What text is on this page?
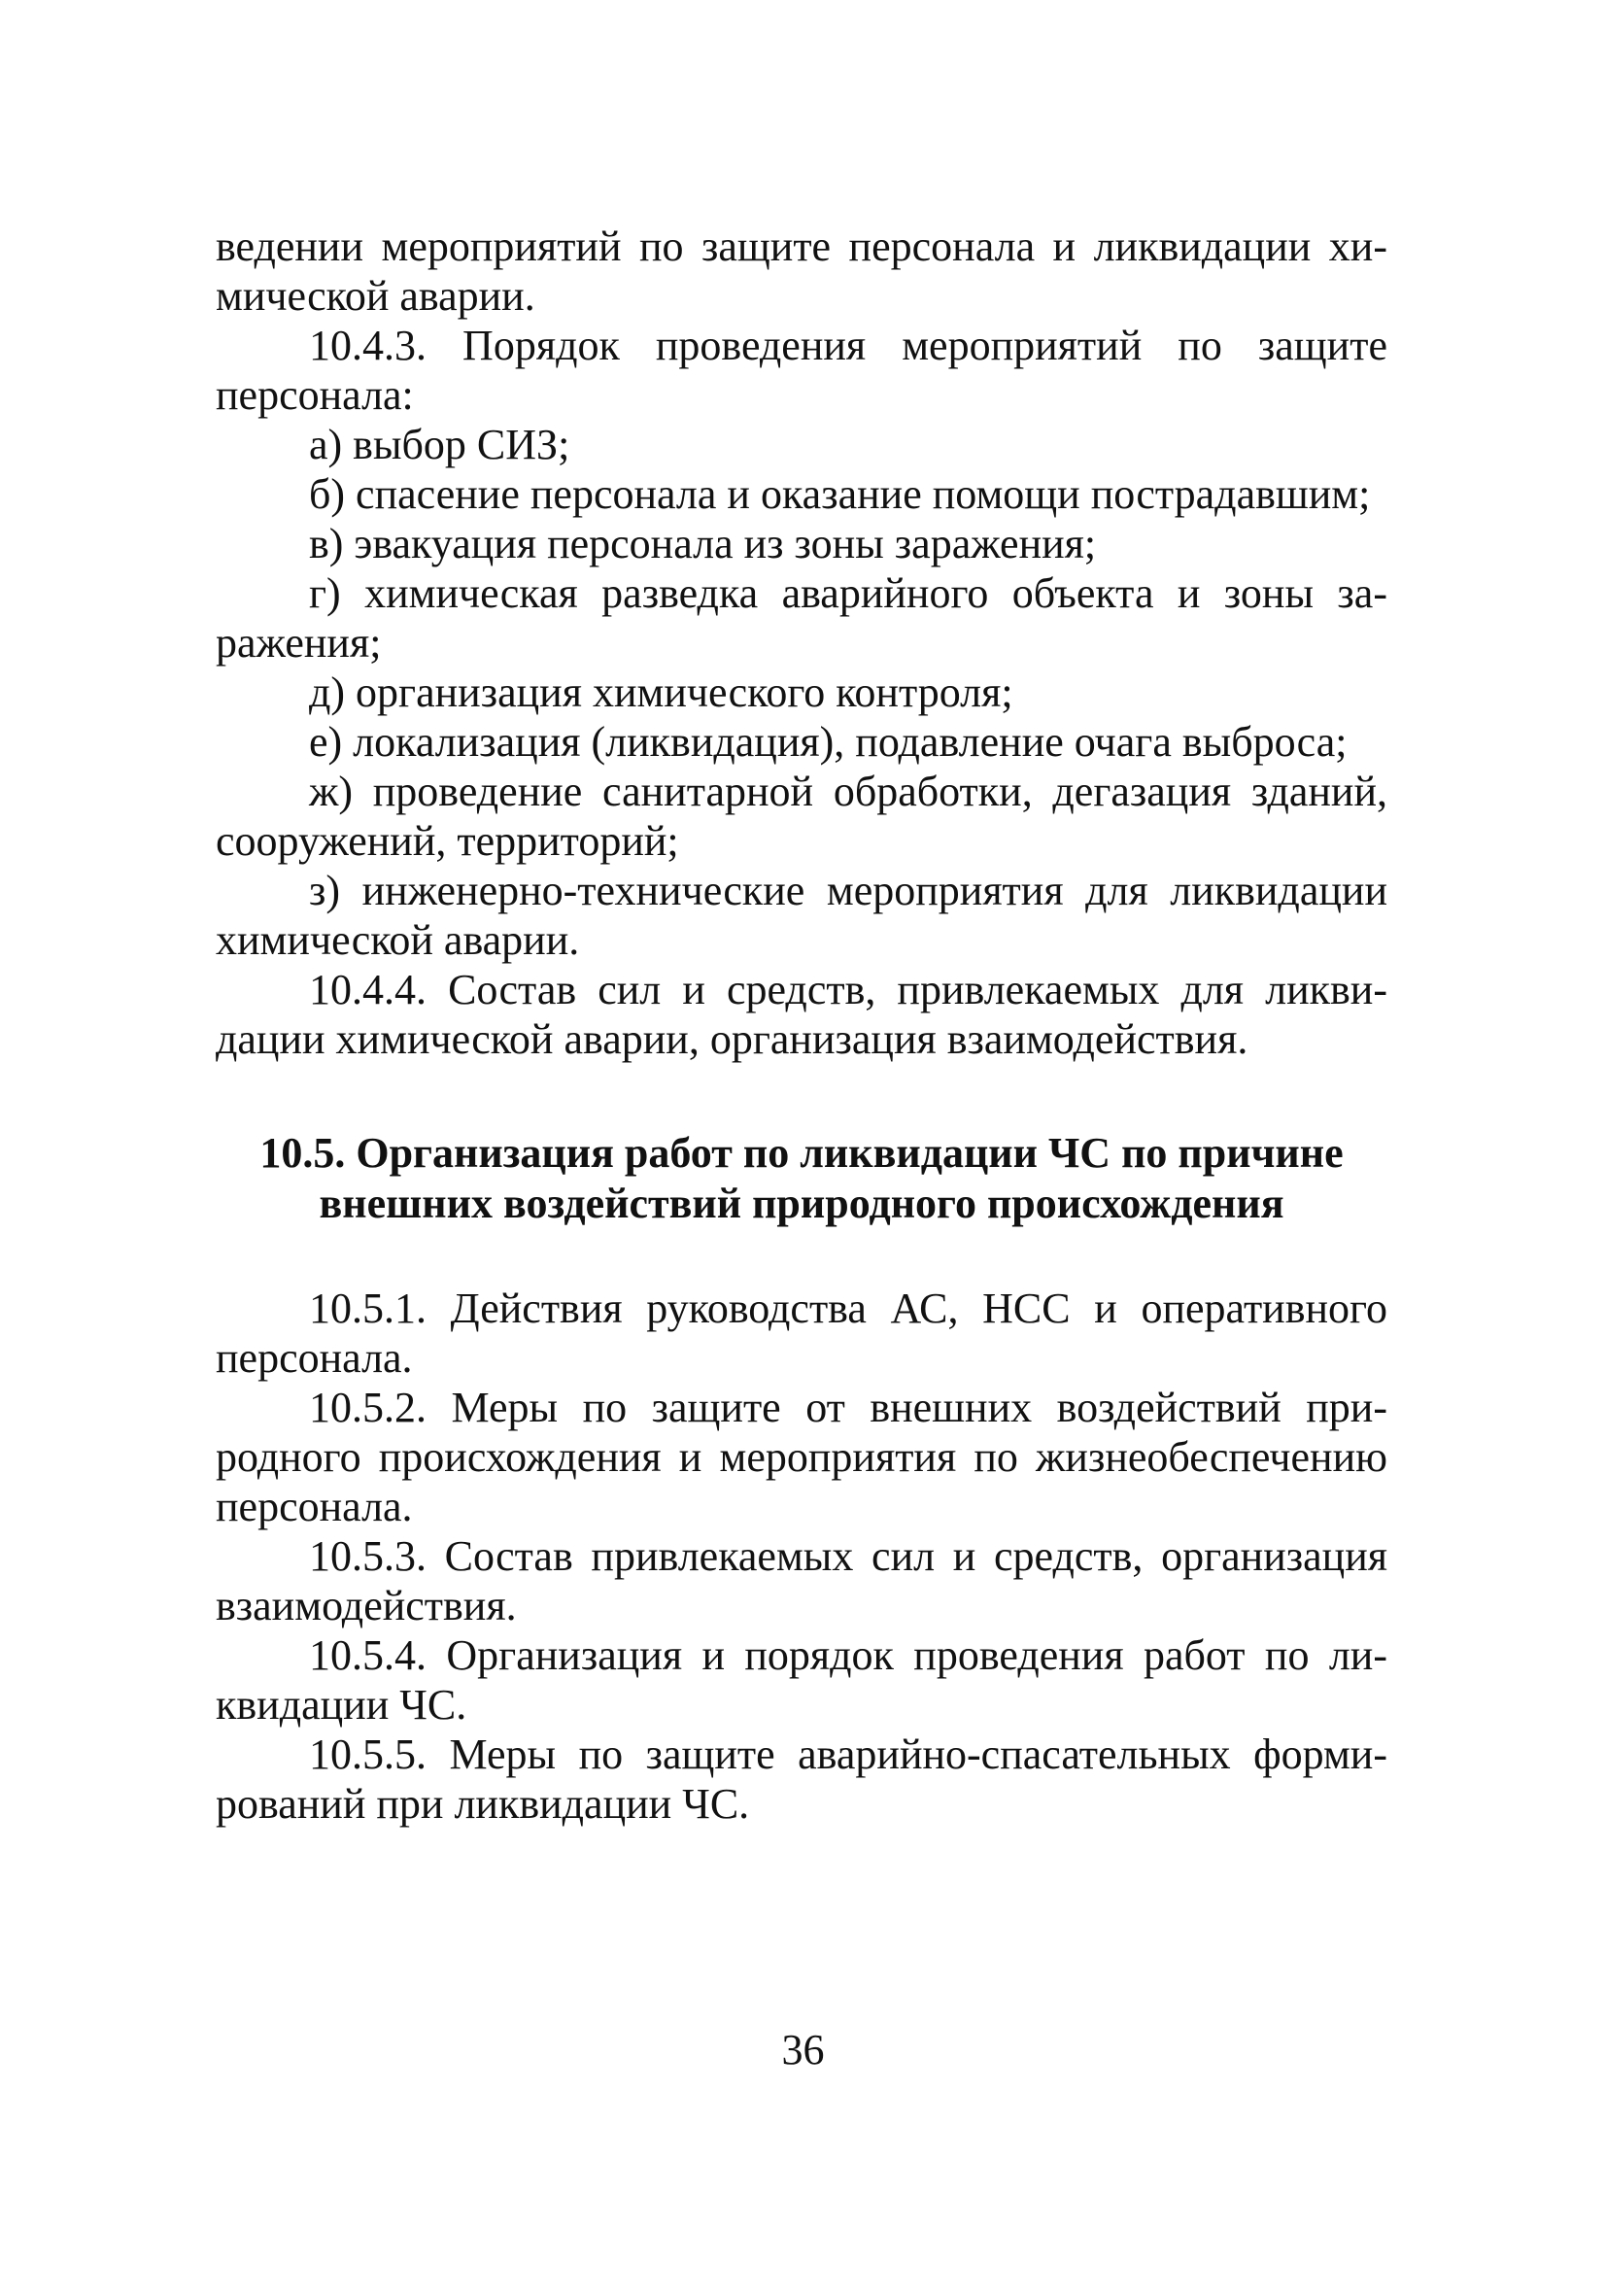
ведении мероприятий по защите персонала и ликвидации химической аварии.

10.4.3. Порядок проведения мероприятий по защите персонала:

а) выбор СИЗ;

б) спасение персонала и оказание помощи пострадавшим;

в) эвакуация персонала из зоны заражения;

г) химическая разведка аварийного объекта и зоны заражения;

д) организация химического контроля;

е) локализация (ликвидация), подавление очага выброса;

ж) проведение санитарной обработки, дегазация зданий, сооружений, территорий;

з) инженерно-технические мероприятия для ликвидации химической аварии.

10.4.4. Состав сил и средств, привлекаемых для ликвидации химической аварии, организация взаимодействия.

10.5. Организация работ по ликвидации ЧС по причине
внешних воздействий природного происхождения

10.5.1. Действия руководства АС, НСС и оперативного персонала.

10.5.2. Меры по защите от внешних воздействий природного происхождения и мероприятия по жизнеобеспечению персонала.

10.5.3. Состав привлекаемых сил и средств, организация взаимодействия.

10.5.4. Организация и порядок проведения работ по ликвидации ЧС.

10.5.5. Меры по защите аварийно-спасательных формирований при ликвидации ЧС.

36
